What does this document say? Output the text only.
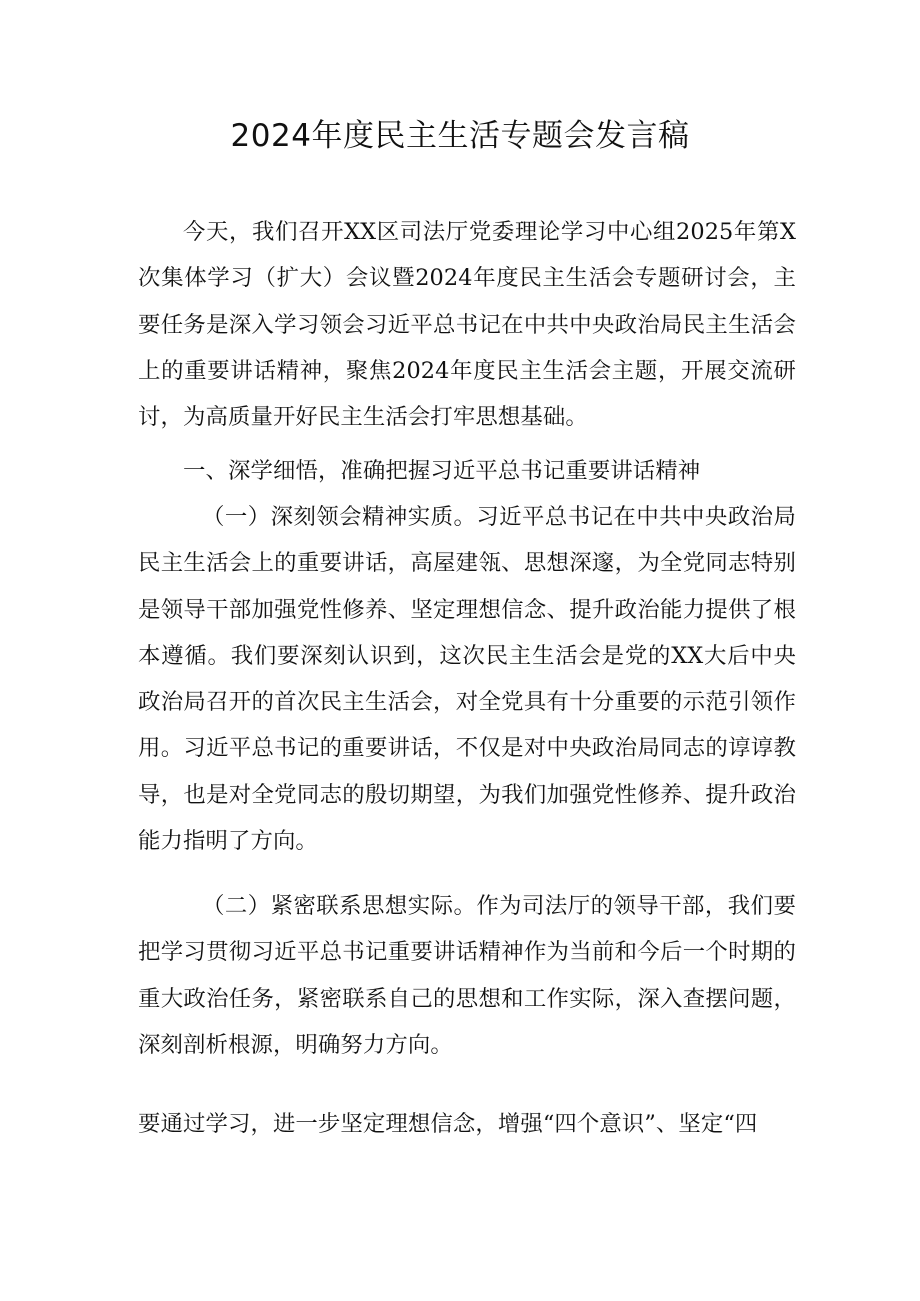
2024年度民主生活专题会发言稿

今天，我们召开XX区司法厅党委理论学习中心组2025年第X次集体学习（扩大）会议暨2024年度民主生活会专题研讨会，主要任务是深入学习领会习近平总书记在中共中央政治局民主生活会上的重要讲话精神，聚焦2024年度民主生活会主题，开展交流研讨，为高质量开好民主生活会打牢思想基础。

一、深学细悟，准确把握习近平总书记重要讲话精神

（一）深刻领会精神实质。习近平总书记在中共中央政治局民主生活会上的重要讲话，高屋建瓴、思想深邃，为全党同志特别是领导干部加强党性修养、坚定理想信念、提升政治能力提供了根本遵循。我们要深刻认识到，这次民主生活会是党的XX大后中央政治局召开的首次民主生活会，对全党具有十分重要的示范引领作用。习近平总书记的重要讲话，不仅是对中央政治局同志的谆谆教导，也是对全党同志的殷切期望，为我们加强党性修养、提升政治能力指明了方向。

（二）紧密联系思想实际。作为司法厅的领导干部，我们要把学习贯彻习近平总书记重要讲话精神作为当前和今后一个时期的重大政治任务，紧密联系自己的思想和工作实际，深入查摆问题，深刻剖析根源，明确努力方向。

要通过学习，进一步坚定理想信念，增强“四个意识”、坚定“四
